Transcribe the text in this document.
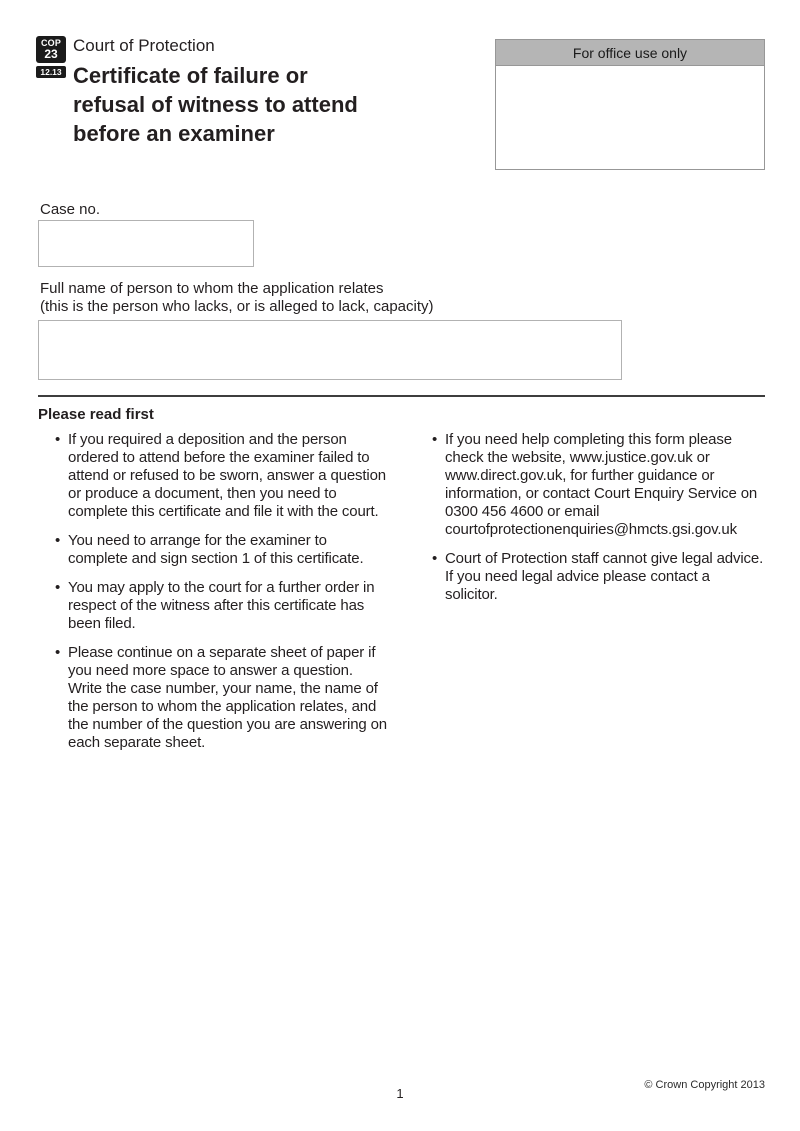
COP
23
12.13
Court of Protection
Certificate of failure or
refusal of witness to attend
before an examiner
For office use only
Case no.
Full name of person to whom the application relates
(this is the person who lacks, or is alleged to lack, capacity)
Please read first
• If you required a deposition and the person ordered to attend before the examiner failed to attend or refused to be sworn, answer a question or produce a document, then you need to complete this certificate and file it with the court.
• You need to arrange for the examiner to complete and sign section 1 of this certificate.
• You may apply to the court for a further order in respect of the witness after this certificate has been filed.
• Please continue on a separate sheet of paper if you need more space to answer a question. Write the case number, your name, the name of the person to whom the application relates, and the number of the question you are answering on each separate sheet.
• If you need help completing this form please check the website, www.justice.gov.uk or www.direct.gov.uk, for further guidance or information, or contact Court Enquiry Service on 0300 456 4600 or email courtofprotectionenquiries@hmcts.gsi.gov.uk
• Court of Protection staff cannot give legal advice. If you need legal advice please contact a solicitor.
1
© Crown Copyright 2013
